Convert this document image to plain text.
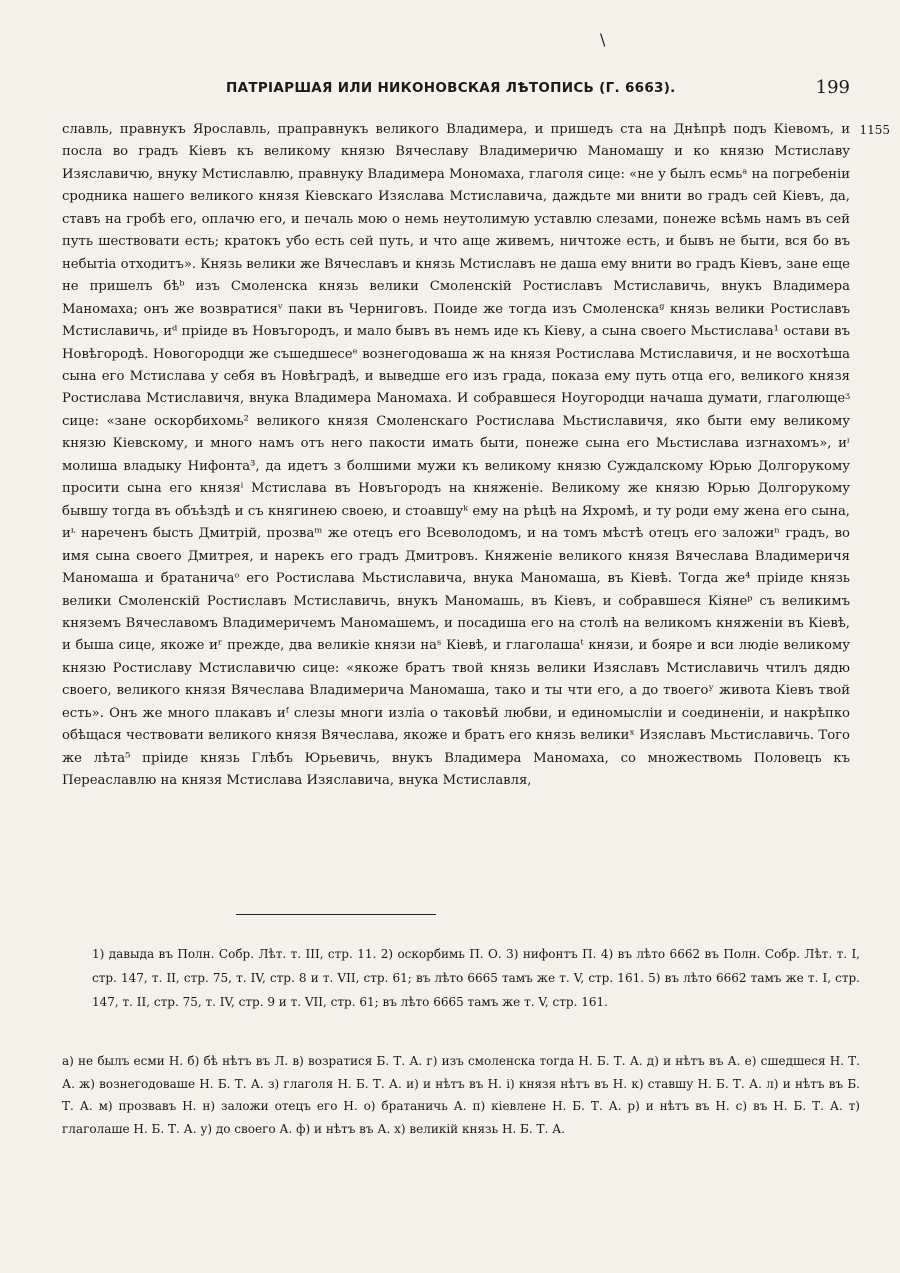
\
ПАТРІАРШАЯ ИЛИ НИКОНОВСКАЯ ЛѢТОПИСЬ (Г. 6663).	199
1155

славль, правнукъ Ярославль, праправнукъ великого Владимера, и пришедъ ста на Днѣпрѣ подъ Кіевомъ, и посла во градъ Кіевъ къ великому князю Вячеславу Владимеричю Маномашу и ко князю Мстиславу Изяславичю, внуку Мстиславлю, правнуку Владимера Мономаха, глаголя сице: «не у былъ есмьᵃ на погребеніи сродника нашего великого князя Кіевскаго Изяслава Мстиславича, даждьте ми внити во градъ сей Кіевъ, да, ставъ на гробѣ его, оплачю его, и печаль мою о немь неутолимую уставлю слезами, понеже всѣмь намъ въ сей путь шествовати есть; кратокъ убо есть сей путь, и что аще живемъ, ничтоже есть, и бывъ не быти, вся бо въ небытіа отходитъ». Князь велики же Вячеславъ и князь Мстиславъ не даша ему внити во градъ Кіевъ, зане еще не пришелъ бѣᵇ изъ Смоленска князь велики Смоленскій Ростиславъ Мстиславичь, внукъ Владимера Маномаха; онъ же возвратисяᵛ паки въ Черниговъ. Поиде же тогда изъ Смоленскаᵍ князь велики Ростиславъ Мстиславичь, иᵈ пріиде въ Новъгородъ, и мало бывъ въ немъ иде къ Кіеву, а сына своего Мьстислава¹ остави въ Новѣгородѣ. Новогородци же съшедшесеᵉ вознегодоваша ж на князя Ростислава Мстиславичя, и не восхотѣша сына его Мстислава у себя въ Новѣградѣ, и выведше его изъ града, показа ему путь отца его, великого князя Ростислава Мстиславичя, внука Владимера Маномаха. И собравшеся Ноугородци начаша думати, глаголющеᶾ сице: «зане оскорбихомь² великого князя Смоленскаго Ростислава Мьстиславичя, яко быти ему великому князю Кіевскому, и много намъ отъ него пакости имать быти, понеже сына его Мьстислава изгнахомъ», иᶦ молиша владыку Нифонта³, да идетъ з болшими мужи къ великому князю Суждалскому Юрью Долгорукому просити сына его князяⁱ Мстислава въ Новъгородъ на княженіе. Великому же князю Юрью Долгорукому бывшу тогда въ объѣздѣ и съ княгинею своею, и стоавшуᵏ ему на рѣцѣ на Яхромѣ, и ту роди ему жена его сына, иᶫ нареченъ бысть Дмитрій, прозваᵐ же отецъ его Всеволодомъ, и на томъ мѣстѣ отецъ его заложиⁿ градъ, во имя сына своего Дмитрея, и нарекъ его градъ Дмитровъ. Княженіе великого князя Вячеслава Владимеричя Маномаша и братаничаᵒ его Ростислава Мьстиславича, внука Маномаша, въ Кіевѣ. Тогда же⁴ пріиде князь велики Смоленскій Ростиславъ Мстиславичь, внукъ Маномашь, въ Кіевъ, и собравшеся Кіянеᵖ съ великимъ княземъ Вячеславомъ Владимеричемъ Маномашемъ, и посадиша его на столѣ на великомъ княженіи въ Кіевѣ, и быша сице, якоже иʳ прежде, два великіе князи наˢ Кіевѣ, и глаголашаᵗ князи, и бояре и вси людіе великому князю Ростиславу Мстиславичю сице: «якоже братъ твой князь велики Изяславъ Мстиславичь чтилъ дядю своего, великого князя Вячеслава Владимерича Маномаша, тако и ты чти его, а до твоегоʸ живота Кіевъ твой есть». Онъ же много плакавъ иᶠ слезы многи изліа о таковѣй любви, и единомысліи и соединеніи, и накрѣпко обѣщася чествовати великого князя Вячеслава, якоже и братъ его князь великиˣ Изяславъ Мьстиславичь. Того же лѣта⁵ пріиде князь Глѣбъ Юрьевичь, внукъ Владимера Маномаха, со множествомь Половецъ къ Переаславлю на князя Мстислава Изяславича, внука Мстиславля,

1) давыда въ Полн. Собр. Лѣт. т. III, стр. 11. 2) оскорбимь П. О. 3) нифонтъ П. 4) въ лѣто 6662 въ Полн. Собр. Лѣт. т. I, стр. 147, т. II, стр. 75, т. IV, стр. 8 и т. VII, стр. 61; въ лѣто 6665 тамъ же т. V, стр. 161. 5) въ лѣто 6662 тамъ же т. I, стр. 147, т. II, стр. 75, т. IV, стр. 9 и т. VII, стр. 61; въ лѣто 6665 тамъ же т. V, стр. 161.

а) не былъ есми Н. б) бѣ нѣтъ въ Л. в) возратися Б. Т. А. г) изъ смоленска тогда Н. Б. Т. А. д) и нѣтъ въ А. е) сшедшеся Н. Т. А. ж) вознегодоваше Н. Б. Т. А. з) глаголя Н. Б. Т. А. и) и нѣтъ въ Н. і) князя нѣтъ въ Н. к) ставшу Н. Б. Т. А. л) и нѣтъ въ Б. Т. А. м) прозвавъ Н. н) заложи отецъ его Н. о) братаничь А. п) кіевлене Н. Б. Т. А. р) и нѣтъ въ Н. с) въ Н. Б. Т. А. т) глаголаше Н. Б. Т. А. у) до своего А. ф) и нѣтъ въ А. х) великій князь Н. Б. Т. А.
